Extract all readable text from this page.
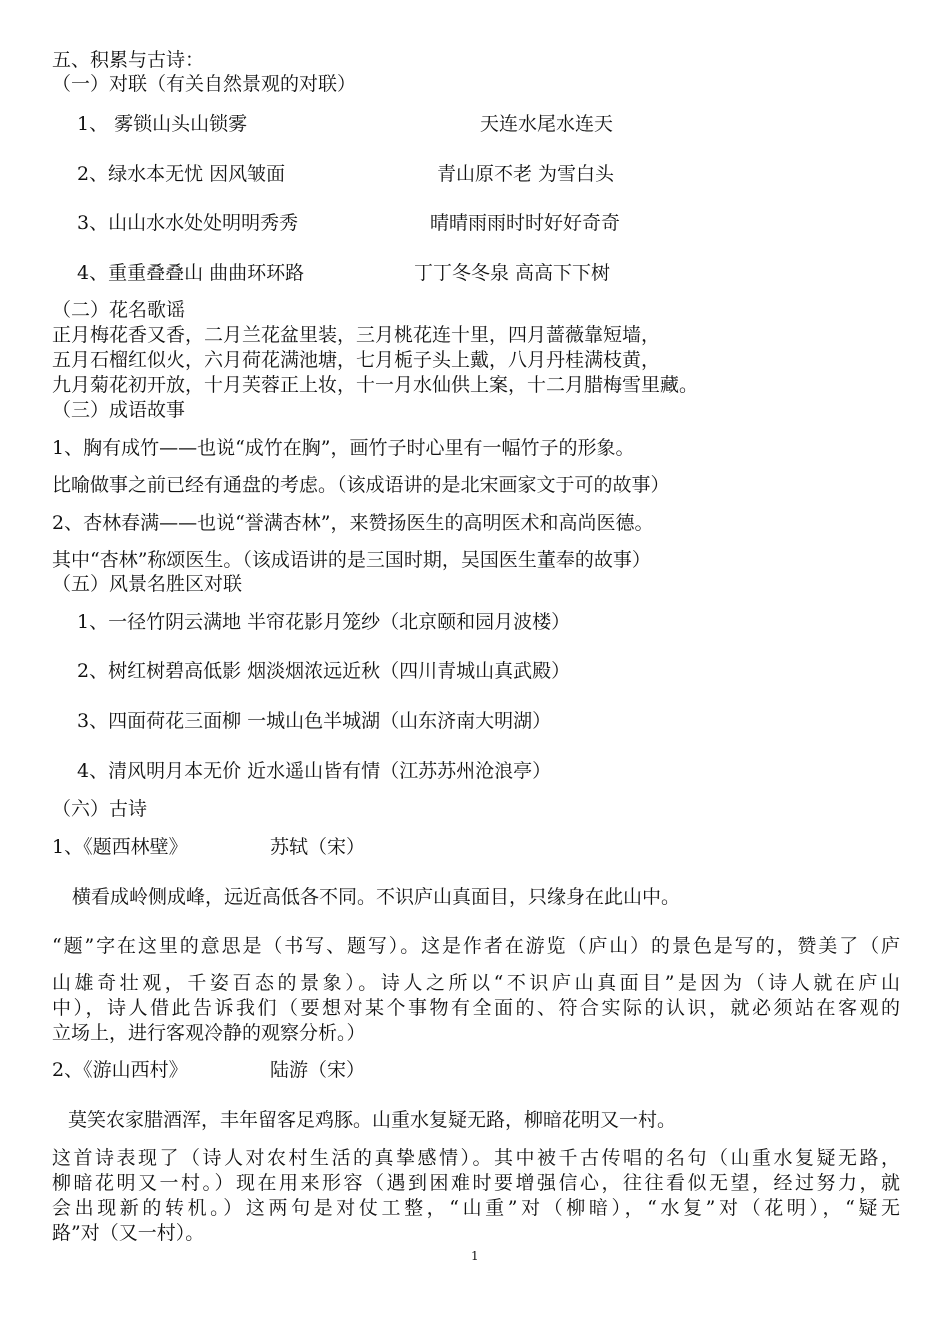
五、积累与古诗：
（一）对联（有关自然景观的对联）
1、 雾锁山头山锁雾	天连水尾水连天
2、绿水本无忧 因风皱面	青山原不老 为雪白头
3、山山水水处处明明秀秀	晴晴雨雨时时好好奇奇
4、重重叠叠山 曲曲环环路	丁丁冬冬泉 高高下下树
（二）花名歌谣
正月梅花香又香，二月兰花盆里装，三月桃花连十里，四月蔷薇靠短墙，
五月石榴红似火，六月荷花满池塘，七月栀子头上戴，八月丹桂满枝黄，
九月菊花初开放，十月芙蓉正上妆，十一月水仙供上案，十二月腊梅雪里藏。
（三）成语故事
1、胸有成竹——也说“成竹在胸”，画竹子时心里有一幅竹子的形象。
比喻做事之前已经有通盘的考虑。（该成语讲的是北宋画家文于可的故事）
2、杏林春满——也说“誉满杏林”，来赞扬医生的高明医术和高尚医德。
其中“杏林”称颂医生。（该成语讲的是三国时期，吴国医生董奉的故事）
（五）风景名胜区对联
1、一径竹阴云满地 半帘花影月笼纱（北京颐和园月波楼）
2、树红树碧高低影 烟淡烟浓远近秋（四川青城山真武殿）
3、四面荷花三面柳 一城山色半城湖（山东济南大明湖）
4、清风明月本无价 近水遥山皆有情（江苏苏州沧浪亭）
（六）古诗
1、《题西林壁》	苏轼（宋）
横看成岭侧成峰，远近高低各不同。不识庐山真面目，只缘身在此山中。
“题”字在这里的意思是（书写、题写）。这是作者在游览（庐山）的景色是写的，赞美了（庐
山雄奇壮观，千姿百态的景象）。诗人之所以“不识庐山真面目”是因为（诗人就在庐山
中），诗人借此告诉我们（要想对某个事物有全面的、符合实际的认识，就必须站在客观的
立场上，进行客观冷静的观察分析。）
2、《游山西村》	陆游（宋）
莫笑农家腊酒浑，丰年留客足鸡豚。山重水复疑无路，柳暗花明又一村。
这首诗表现了（诗人对农村生活的真挚感情）。其中被千古传唱的名句（山重水复疑无路，
柳暗花明又一村。）现在用来形容（遇到困难时要增强信心，往往看似无望，经过努力，就
会出现新的转机。）这两句是对仗工整，“山重”对（柳暗），“水复”对（花明），“疑无
路”对（又一村）。
1
